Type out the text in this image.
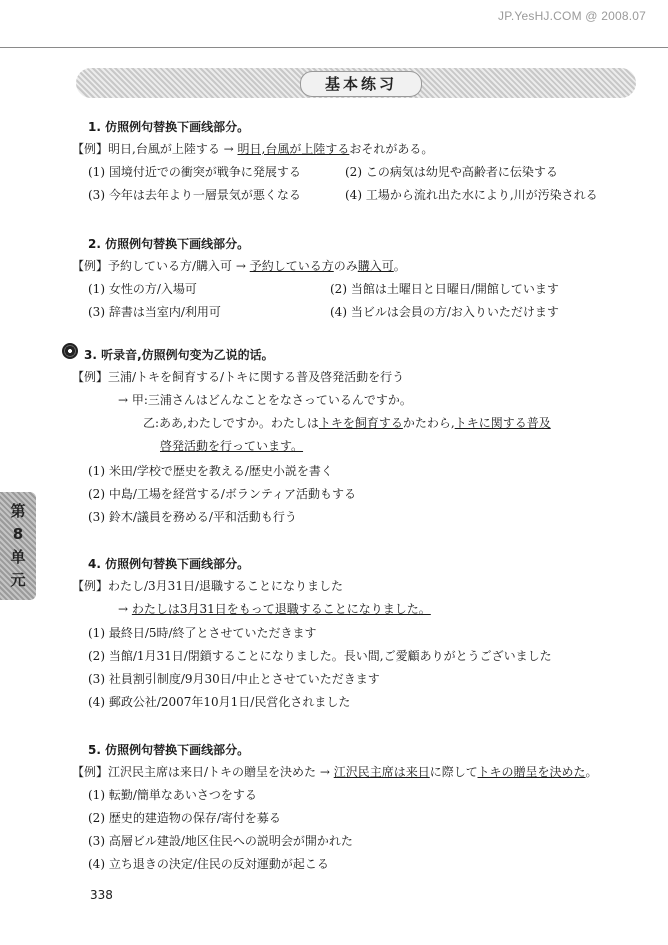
JP.YesHJ.COM @ 2008.07
基本练习
第8单元
1. 仿照例句替换下画线部分。
【例】明日,台風が上陸する → 明日,台風が上陸するおそれがある。
(1) 国境付近での衝突が戦争に発展する	(2) この病気は幼児や高齢者に伝染する
(3) 今年は去年より一層景気が悪くなる	(4) 工場から流れ出た水により,川が汚染される
2. 仿照例句替换下画线部分。
【例】予約している方/購入可 → 予約している方のみ購入可。
(1) 女性の方/入場可	(2) 当館は土曜日と日曜日/開館しています
(3) 辞書は当室内/利用可	(4) 当ビルは会員の方/お入りいただけます
3. 听录音,仿照例句变为乙说的话。
【例】三浦/トキを飼育する/トキに関する普及啓発活動を行う
→ 甲:三浦さんはどんなことをなさっているんですか。
乙:ああ,わたしですか。わたしはトキを飼育するかたわら,トキに関する普及
啓発活動を行っています。
(1) 米田/学校で歴史を教える/歴史小説を書く
(2) 中島/工場を経営する/ボランティア活動もする
(3) 鈴木/議員を務める/平和活動も行う
4. 仿照例句替换下画线部分。
【例】わたし/3月31日/退職することになりました
→ わたしは3月31日をもって退職することになりました。
(1) 最終日/5時/終了とさせていただきます
(2) 当館/1月31日/閉鎖することになりました。長い間,ご愛顧ありがとうございました
(3) 社員割引制度/9月30日/中止とさせていただきます
(4) 郵政公社/2007年10月1日/民営化されました
5. 仿照例句替换下画线部分。
【例】江沢民主席は来日/トキの贈呈を決めた → 江沢民主席は来日に際してトキの贈呈を決めた。
(1) 転勤/簡単なあいさつをする
(2) 歴史的建造物の保存/寄付を募る
(3) 高層ビル建設/地区住民への説明会が開かれた
(4) 立ち退きの決定/住民の反対運動が起こる
338
